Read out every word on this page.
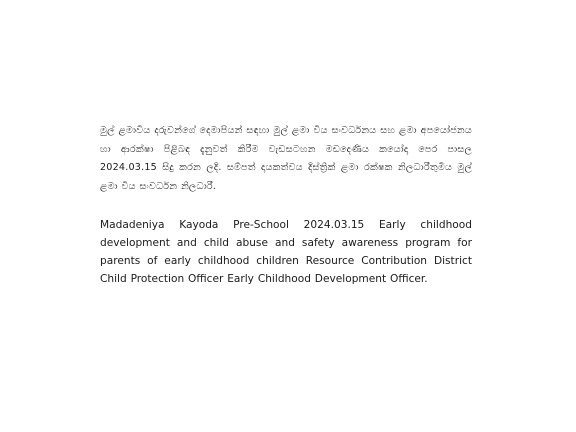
මුල් ළමාවිය දරුවන්ගේ දෙමාපියන් සඳහා මුල් ළමා විය සංවර්ධනය සහ ළමා අපයෝජනය හා ආරක්ෂා පිළිබඳ දැනුවත් කිරීම වැඩසටහන මඩදෙණිය කයෝදා පෙර පාසල 2024.03.15 සිදු කරන ලදි. සම්පත් දායකත්වය දිස්ත්‍රික් ළමා රක්ෂක නිලධාරීතුමිය මුල් ළමා විය සංවර්ධන නිලධාරී.

Madadeniya Kayoda Pre-School 2024.03.15 Early childhood development and child abuse and safety awareness program for parents of early childhood children Resource Contribution District Child Protection Officer Early Childhood Development Officer.
